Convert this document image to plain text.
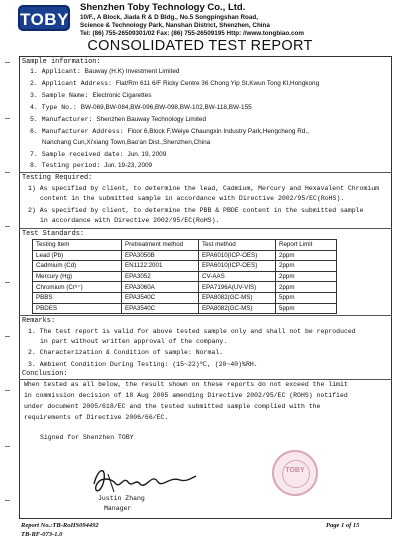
TOBY
Shenzhen Toby Technology Co., Ltd.
10/F., A Block, Jiada R & D Bldg., No.5 Songpingshan Road,
Science & Technology Park, Nanshan District, Shenzhen, China
Tel: (86) 755-26509301/02 Fax: (86) 755-26509195 Http: //www.tongbiao.com
CONSOLIDATED TEST REPORT
Sample information:
1. Applicant: Bauway (H.K) Investment Limited
2. Applicant Address: Flat/Rm 611 6/F Ricky Centre 36 Chong Yip St,Kwun Tong Kl,Hongkong
3. Sample Name: Electronic Cigarettes
4. Type No.: BW-069,BW-084,BW-096,BW-098,BW-102,BW-118,BW-155
5. Manufacturer: Shenzhen Bauway Technology Limited
6. Manufacturer Address: Floor 6,Block F,Weiye Chaungxin Industry Park,Hengcheng Rd.,
Nanchang Cun,Xi'xiang Town,Bao'an Dist.,Shenzhen,China
7. Sample received date: Jun. 19, 2009
8. Testing period: Jun. 19-23, 2009
Testing Required:
1) As specified by client, to determine the lead, Cadmium, Mercury and Hexavalent Chromium
content in the submitted sample in accordance with Directive 2002/95/EC(RoHS).
2) As specified by client, to determine the PBB & PBDE content in the submitted sample
in accordance with Directive 2002/95/EC(RoHS).
Test Standards:
Testing Item	Pretreatment method	Test method	Report Limit
Lead (Pb)	EPA3050B	EPA6010(ICP-OES)	2ppm
Cadmium (Cd)	EN1122:2001	EPA6010(ICP-OES)	2ppm
Mercury (Hg)	EPA3052	CV-AAS	2ppm
Chromium (Cr⁶⁺)	EPA3060A	EPA7196A(UV-VIS)	2ppm
PBBS	EPA3540C	EPA8082(GC-MS)	5ppm
PBDES	EPA3540C	EPA8082(GC-MS)	5ppm
Remarks:
1. The test report is valid for above tested sample only and shall not be reproduced
in part without written approval of the company.
2. Characterization & Condition of sample: Normal.
3. Ambient Condition During Testing: (15~22)℃, (20~40)%RH.
Conclusion:
When tested as all below, the result shown on these reports do not exceed the limit
in commission decision of 18 Aug 2005 amending Directive 2002/95/EC (ROHS) notified
under document 2005/618/EC and the tested submitted sample complied with the
requirements of Directive 2006/66/EC.
Signed for Shenzhen TOBY
TOBY
Justin Zhang
Manager
Report No.:TB-RoHS094492
TB-RF-073-1.0
Page 1 of 15
